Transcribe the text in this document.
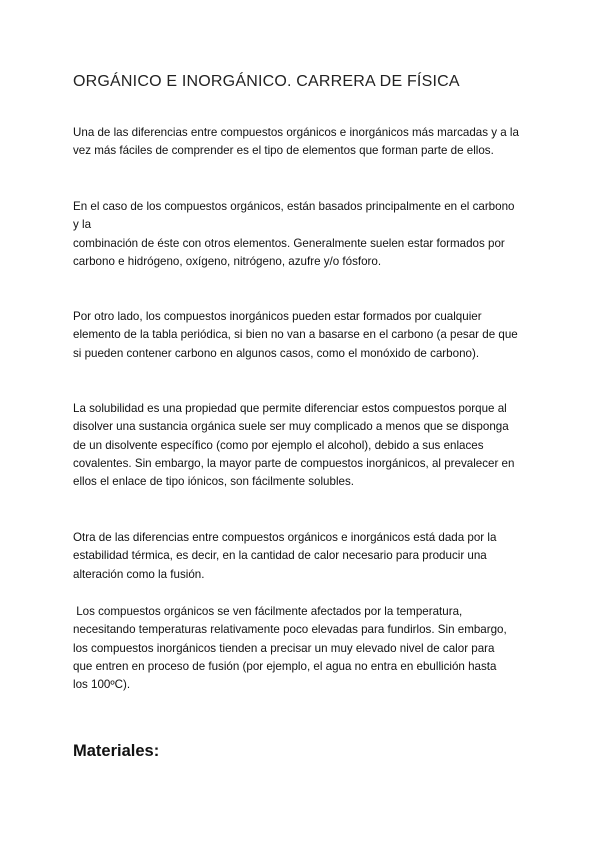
ORGÁNICO E INORGÁNICO. CARRERA DE FÍSICA
Una de las diferencias entre compuestos orgánicos e inorgánicos más marcadas y a la
vez más fáciles de comprender es el tipo de elementos que forman parte de ellos.
En el caso de los compuestos orgánicos, están basados principalmente en el carbono
y la
combinación de éste con otros elementos. Generalmente suelen estar formados por
carbono e hidrógeno, oxígeno, nitrógeno, azufre y/o fósforo.
Por otro lado, los compuestos inorgánicos pueden estar formados por cualquier
elemento de la tabla periódica, si bien no van a basarse en el carbono (a pesar de que
si pueden contener carbono en algunos casos, como el monóxido de carbono).
La solubilidad es una propiedad que permite diferenciar estos compuestos porque al
disolver una sustancia orgánica suele ser muy complicado a menos que se disponga
de un disolvente específico (como por ejemplo el alcohol), debido a sus enlaces
covalentes. Sin embargo, la mayor parte de compuestos inorgánicos, al prevalecer en
ellos el enlace de tipo iónicos, son fácilmente solubles.
Otra de las diferencias entre compuestos orgánicos e inorgánicos está dada por la
estabilidad térmica, es decir, en la cantidad de calor necesario para producir una
alteración como la fusión.
Los compuestos orgánicos se ven fácilmente afectados por la temperatura,
necesitando temperaturas relativamente poco elevadas para fundirlos. Sin embargo,
los compuestos inorgánicos tienden a precisar un muy elevado nivel de calor para
que entren en proceso de fusión (por ejemplo, el agua no entra en ebullición hasta
los 100ºC).
Materiales:
